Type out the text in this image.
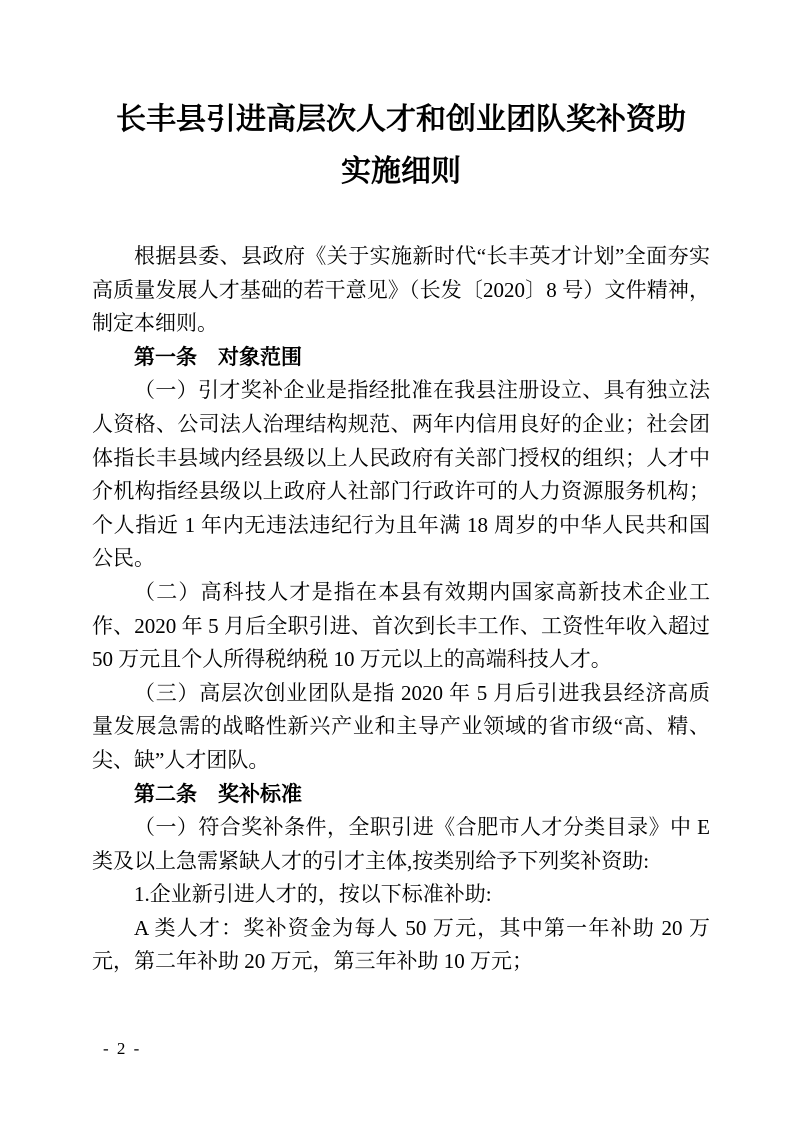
长丰县引进高层次人才和创业团队奖补资助
实施细则

根据县委、县政府《关于实施新时代“长丰英才计划”全面夯实高质量发展人才基础的若干意见》（长发〔2020〕8 号）文件精神，制定本细则。

第一条　对象范围

（一）引才奖补企业是指经批准在我县注册设立、具有独立法人资格、公司法人治理结构规范、两年内信用良好的企业；社会团体指长丰县域内经县级以上人民政府有关部门授权的组织；人才中介机构指经县级以上政府人社部门行政许可的人力资源服务机构；个人指近 1 年内无违法违纪行为且年满 18 周岁的中华人民共和国公民。

（二）高科技人才是指在本县有效期内国家高新技术企业工作、2020 年 5 月后全职引进、首次到长丰工作、工资性年收入超过 50 万元且个人所得税纳税 10 万元以上的高端科技人才。

（三）高层次创业团队是指 2020 年 5 月后引进我县经济高质量发展急需的战略性新兴产业和主导产业领域的省市级“高、精、尖、缺”人才团队。

第二条　奖补标准

（一）符合奖补条件，全职引进《合肥市人才分类目录》中 E 类及以上急需紧缺人才的引才主体,按类别给予下列奖补资助:

1.企业新引进人才的，按以下标准补助:

A 类人才：奖补资金为每人 50 万元，其中第一年补助 20 万元，第二年补助 20 万元，第三年补助 10 万元；

- 2 -
